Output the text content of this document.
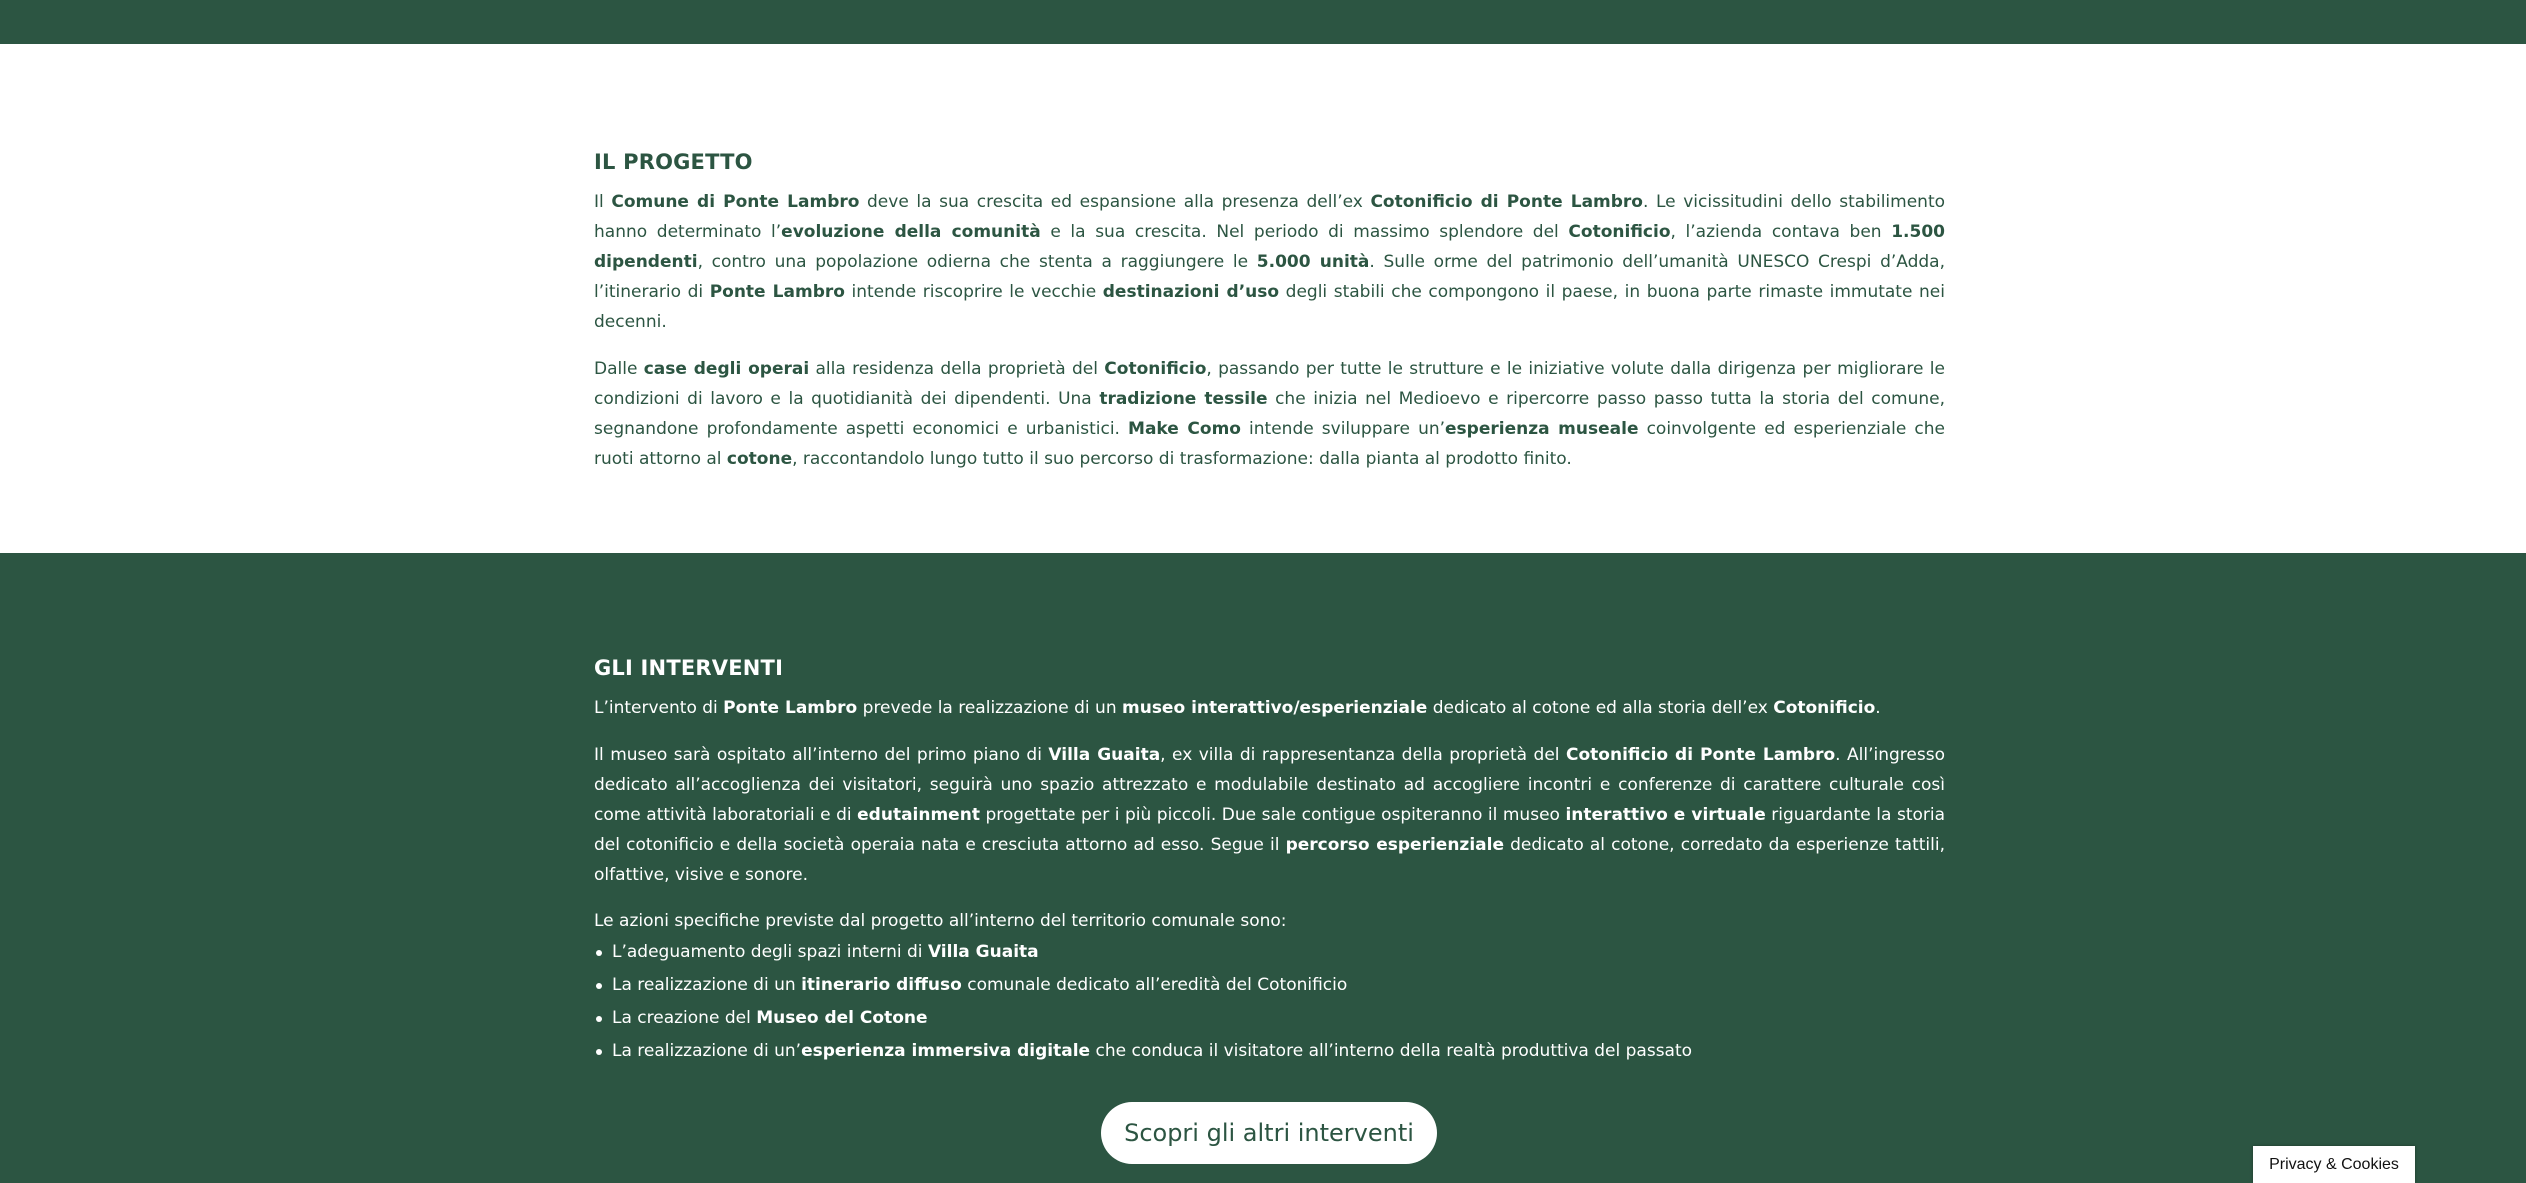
IL PROGETTO

Il Comune di Ponte Lambro deve la sua crescita ed espansione alla presenza dell’ex Cotonificio di Ponte Lambro. Le vicissitudini dello stabilimento hanno determinato l’evoluzione della comunità e la sua crescita. Nel periodo di massimo splendore del Cotonificio, l’azienda contava ben 1.500 dipendenti, contro una popolazione odierna che stenta a raggiungere le 5.000 unità. Sulle orme del patrimonio dell’umanità UNESCO Crespi d’Adda, l’itinerario di Ponte Lambro intende riscoprire le vecchie destinazioni d’uso degli stabili che compongono il paese, in buona parte rimaste immutate nei decenni.

Dalle case degli operai alla residenza della proprietà del Cotonificio, passando per tutte le strutture e le iniziative volute dalla dirigenza per migliorare le condizioni di lavoro e la quotidianità dei dipendenti. Una tradizione tessile che inizia nel Medioevo e ripercorre passo passo tutta la storia del comune, segnandone profondamente aspetti economici e urbanistici. Make Como intende sviluppare un’esperienza museale coinvolgente ed esperienziale che ruoti attorno al cotone, raccontandolo lungo tutto il suo percorso di trasformazione: dalla pianta al prodotto finito.

GLI INTERVENTI

L’intervento di Ponte Lambro prevede la realizzazione di un museo interattivo/esperienziale dedicato al cotone ed alla storia dell’ex Cotonificio.

Il museo sarà ospitato all’interno del primo piano di Villa Guaita, ex villa di rappresentanza della proprietà del Cotonificio di Ponte Lambro. All’ingresso dedicato all’accoglienza dei visitatori, seguirà uno spazio attrezzato e modulabile destinato ad accogliere incontri e conferenze di carattere culturale così come attività laboratoriali e di edutainment progettate per i più piccoli. Due sale contigue ospiteranno il museo interattivo e virtuale riguardante la storia del cotonificio e della società operaia nata e cresciuta attorno ad esso. Segue il percorso esperienziale dedicato al cotone, corredato da esperienze tattili, olfattive, visive e sonore.

Le azioni specifiche previste dal progetto all’interno del territorio comunale sono:

L’adeguamento degli spazi interni di Villa Guaita
La realizzazione di un itinerario diffuso comunale dedicato all’eredità del Cotonificio
La creazione del Museo del Cotone
La realizzazione di un’esperienza immersiva digitale che conduca il visitatore all’interno della realtà produttiva del passato
Scopri gli altri interventi
Privacy & Cookies
